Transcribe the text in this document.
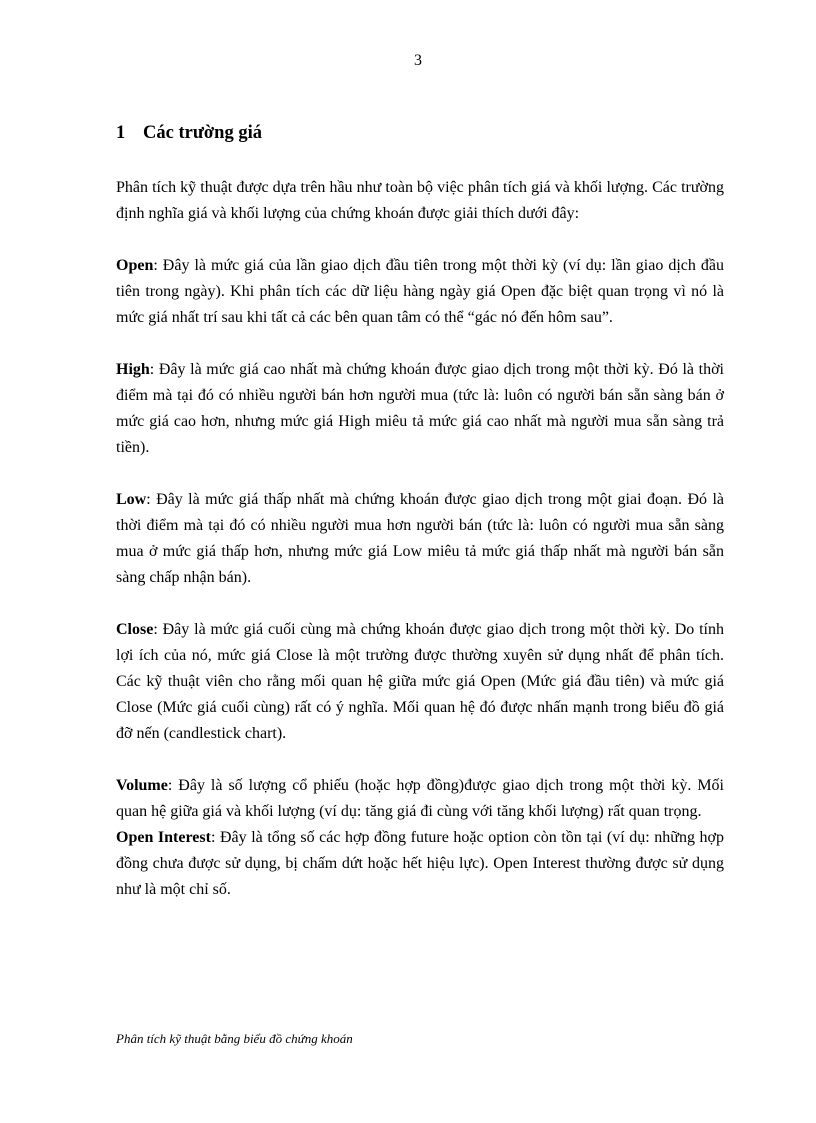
3
1 Các trường giá

Phân tích kỹ thuật được dựa trên hầu như toàn bộ việc phân tích giá và khối lượng. Các trường định nghĩa giá và khối lượng của chứng khoán được giải thích dưới đây:

Open: Đây là mức giá của lần giao dịch đầu tiên trong một thời kỳ (ví dụ: lần giao dịch đầu tiên trong ngày). Khi phân tích các dữ liệu hàng ngày giá Open đặc biệt quan trọng vì nó là mức giá nhất trí sau khi tất cả các bên quan tâm có thể “gác nó đến hôm sau”.

High: Đây là mức giá cao nhất mà chứng khoán được giao dịch trong một thời kỳ. Đó là thời điểm mà tại đó có nhiều người bán hơn người mua (tức là: luôn có người bán sẵn sàng bán ở mức giá cao hơn, nhưng mức giá High miêu tả mức giá cao nhất mà người mua sẵn sàng trả tiền).

Low: Đây là mức giá thấp nhất mà chứng khoán được giao dịch trong một giai đoạn. Đó là thời điểm mà tại đó có nhiều người mua hơn người bán (tức là: luôn có người mua sẵn sàng mua ở mức giá thấp hơn, nhưng mức giá Low miêu tả mức giá thấp nhất mà người bán sẵn sàng chấp nhận bán).

Close: Đây là mức giá cuối cùng mà chứng khoán được giao dịch trong một thời kỳ. Do tính lợi ích của nó, mức giá Close là một trường được thường xuyên sử dụng nhất để phân tích. Các kỹ thuật viên cho rằng mối quan hệ giữa mức giá Open (Mức giá đầu tiên) và mức giá Close (Mức giá cuối cùng) rất có ý nghĩa. Mối quan hệ đó được nhấn mạnh trong biểu đồ giá đỡ nến (candlestick chart).

Volume: Đây là số lượng cổ phiếu (hoặc hợp đồng)được giao dịch trong một thời kỳ. Mối quan hệ giữa giá và khối lượng (ví dụ: tăng giá đi cùng với tăng khối lượng) rất quan trọng.

Open Interest: Đây là tổng số các hợp đồng future hoặc option còn tồn tại (ví dụ: những hợp đồng chưa được sử dụng, bị chấm dứt hoặc hết hiệu lực). Open Interest thường được sử dụng như là một chỉ số.

Phân tích kỹ thuật bằng biểu đồ chứng khoán
